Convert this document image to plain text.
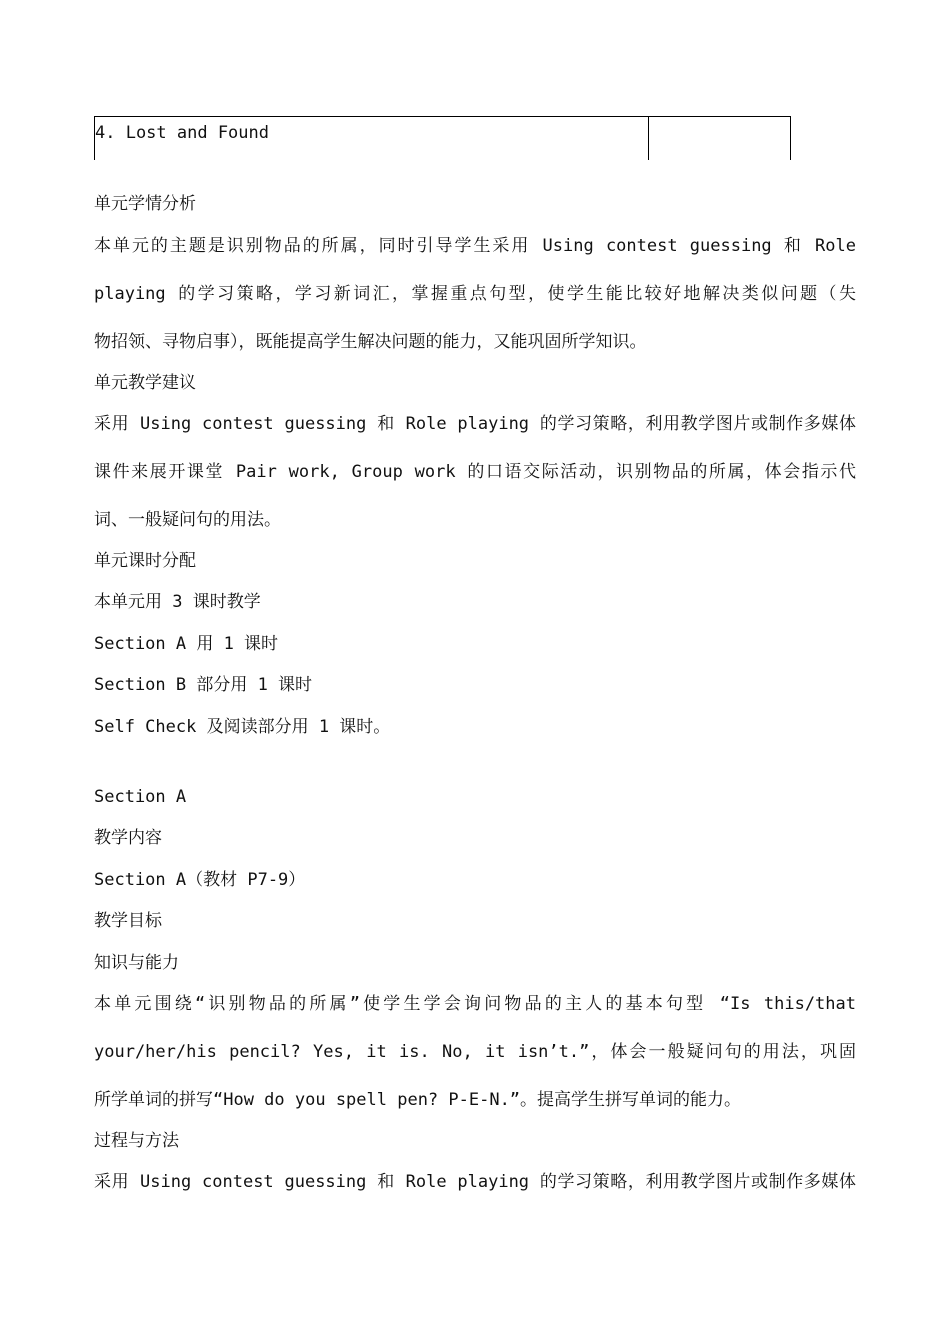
4. Lost and Found
单元学情分析
本单元的主题是识别物品的所属，同时引导学生采用 Using contest guessing 和 Role
playing 的学习策略，学习新词汇，掌握重点句型，使学生能比较好地解决类似问题（失
物招领、寻物启事），既能提高学生解决问题的能力，又能巩固所学知识。
单元教学建议
采用 Using contest guessing 和 Role playing 的学习策略，利用教学图片或制作多媒体
课件来展开课堂 Pair work, Group work 的口语交际活动，识别物品的所属，体会指示代
词、一般疑问句的用法。
单元课时分配
本单元用 3 课时教学
Section A 用 1 课时
Section B 部分用 1 课时
Self Check 及阅读部分用 1 课时。
Section A
教学内容
Section A（教材 P7-9）
教学目标
知识与能力
本单元围绕“识别物品的所属”使学生学会询问物品的主人的基本句型 “Is this/that
your/her/his pencil? Yes, it is. No, it isn’t.”，体会一般疑问句的用法，巩固
所学单词的拼写“How do you spell pen? P-E-N.”。提高学生拼写单词的能力。
过程与方法
采用 Using contest guessing 和 Role playing 的学习策略，利用教学图片或制作多媒体
